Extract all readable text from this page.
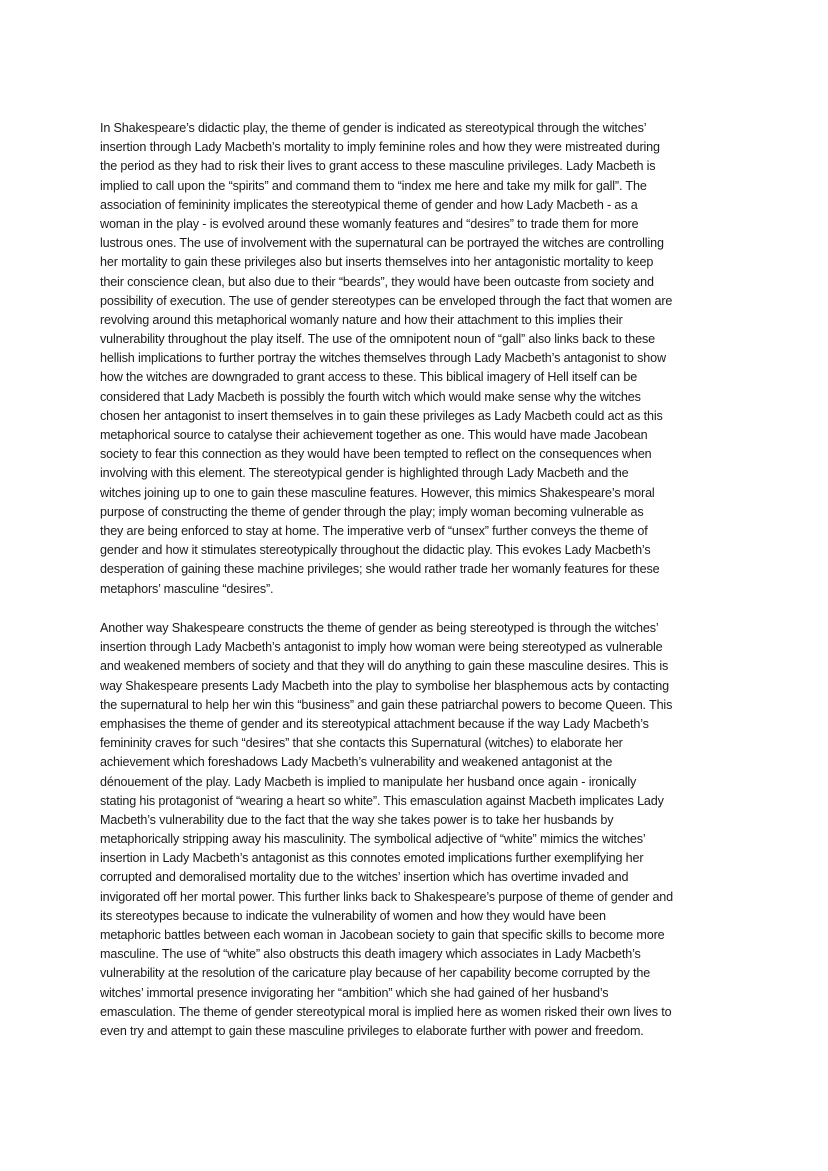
In Shakespeare’s didactic play, the theme of gender is indicated as stereotypical through the witches’
insertion through Lady Macbeth’s mortality to imply feminine roles and how they were mistreated during
the period as they had to risk their lives to grant access to these masculine privileges. Lady Macbeth is
implied to call upon the “spirits” and command them to “index me here and take my milk for gall”. The
association of femininity implicates the stereotypical theme of gender and how Lady Macbeth - as a
woman in the play - is evolved around these womanly features and “desires” to trade them for more
lustrous ones. The use of involvement with the supernatural can be portrayed the witches are controlling
her mortality to gain these privileges also but inserts themselves into her antagonistic mortality to keep
their conscience clean, but also due to their “beards”, they would have been outcaste from society and
possibility of execution. The use of gender stereotypes can be enveloped through the fact that women are
revolving around this metaphorical womanly nature and how their attachment to this implies their
vulnerability throughout the play itself. The use of the omnipotent noun of “gall” also links back to these
hellish implications to further portray the witches themselves through Lady Macbeth’s antagonist to show
how the witches are downgraded to grant access to these. This biblical imagery of Hell itself can be
considered that Lady Macbeth is possibly the fourth witch which would make sense why the witches
chosen her antagonist to insert themselves in to gain these privileges as Lady Macbeth could act as this
metaphorical source to catalyse their achievement together as one. This would have made Jacobean
society to fear this connection as they would have been tempted to reflect on the consequences when
involving with this element. The stereotypical gender is highlighted through Lady Macbeth and the
witches joining up to one to gain these masculine features. However, this mimics Shakespeare’s moral
purpose of constructing the theme of gender through the play; imply woman becoming vulnerable as
they are being enforced to stay at home. The imperative verb of “unsex” further conveys the theme of
gender and how it stimulates stereotypically throughout the didactic play. This evokes Lady Macbeth’s
desperation of gaining these machine privileges; she would rather trade her womanly features for these
metaphors’ masculine “desires”.
Another way Shakespeare constructs the theme of gender as being stereotyped is through the witches’
insertion through Lady Macbeth’s antagonist to imply how woman were being stereotyped as vulnerable
and weakened members of society and that they will do anything to gain these masculine desires. This is
way Shakespeare presents Lady Macbeth into the play to symbolise her blasphemous acts by contacting
the supernatural to help her win this “business” and gain these patriarchal powers to become Queen. This
emphasises the theme of gender and its stereotypical attachment because if the way Lady Macbeth’s
femininity craves for such “desires” that she contacts this Supernatural (witches) to elaborate her
achievement which foreshadows Lady Macbeth’s vulnerability and weakened antagonist at the
dénouement of the play. Lady Macbeth is implied to manipulate her husband once again - ironically
stating his protagonist of “wearing a heart so white”. This emasculation against Macbeth implicates Lady
Macbeth’s vulnerability due to the fact that the way she takes power is to take her husbands by
metaphorically stripping away his masculinity. The symbolical adjective of “white” mimics the witches’
insertion in Lady Macbeth’s antagonist as this connotes emoted implications further exemplifying her
corrupted and demoralised mortality due to the witches’ insertion which has overtime invaded and
invigorated off her mortal power. This further links back to Shakespeare’s purpose of theme of gender and
its stereotypes because to indicate the vulnerability of women and how they would have been
metaphoric battles between each woman in Jacobean society to gain that specific skills to become more
masculine. The use of “white” also obstructs this death imagery which associates in Lady Macbeth’s
vulnerability at the resolution of the caricature play because of her capability become corrupted by the
witches’ immortal presence invigorating her “ambition” which she had gained of her husband’s
emasculation. The theme of gender stereotypical moral is implied here as women risked their own lives to
even try and attempt to gain these masculine privileges to elaborate further with power and freedom.
